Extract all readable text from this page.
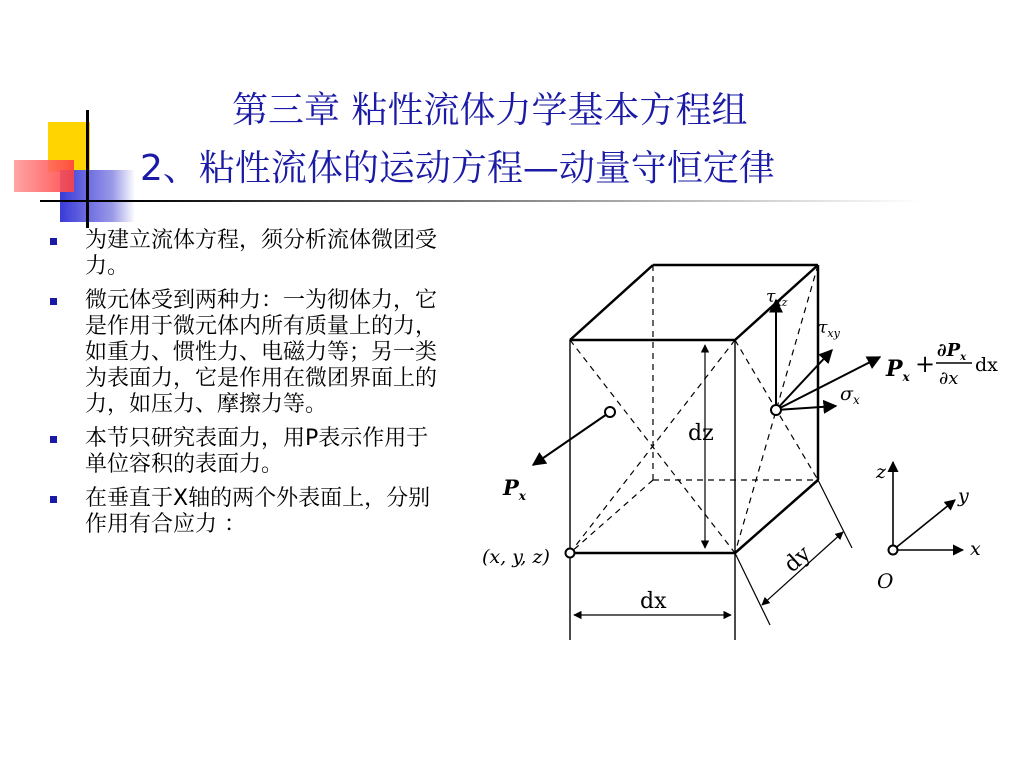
第三章 粘性流体力学基本方程组
2、粘性流体的运动方程—动量守恒定律
为建立流体方程，须分析流体微团受力。
微元体受到两种力：一为彻体力，它是作用于微元体内所有质量上的力，如重力、惯性力、电磁力等；另一类为表面力，它是作用在微团界面上的力，如压力、摩擦力等。
本节只研究表面力，用P表示作用于单位容积的表面力。
在垂直于X轴的两个外表面上，分别作用有合应力 ：
dz
dx
dy
(x, y, z)
$\tau_{xz}$
$\tau_{xy}$
$\sigma_x$
$P_x$
$P_x + \partial P_x$
∂x
dx
z
y
x
O
